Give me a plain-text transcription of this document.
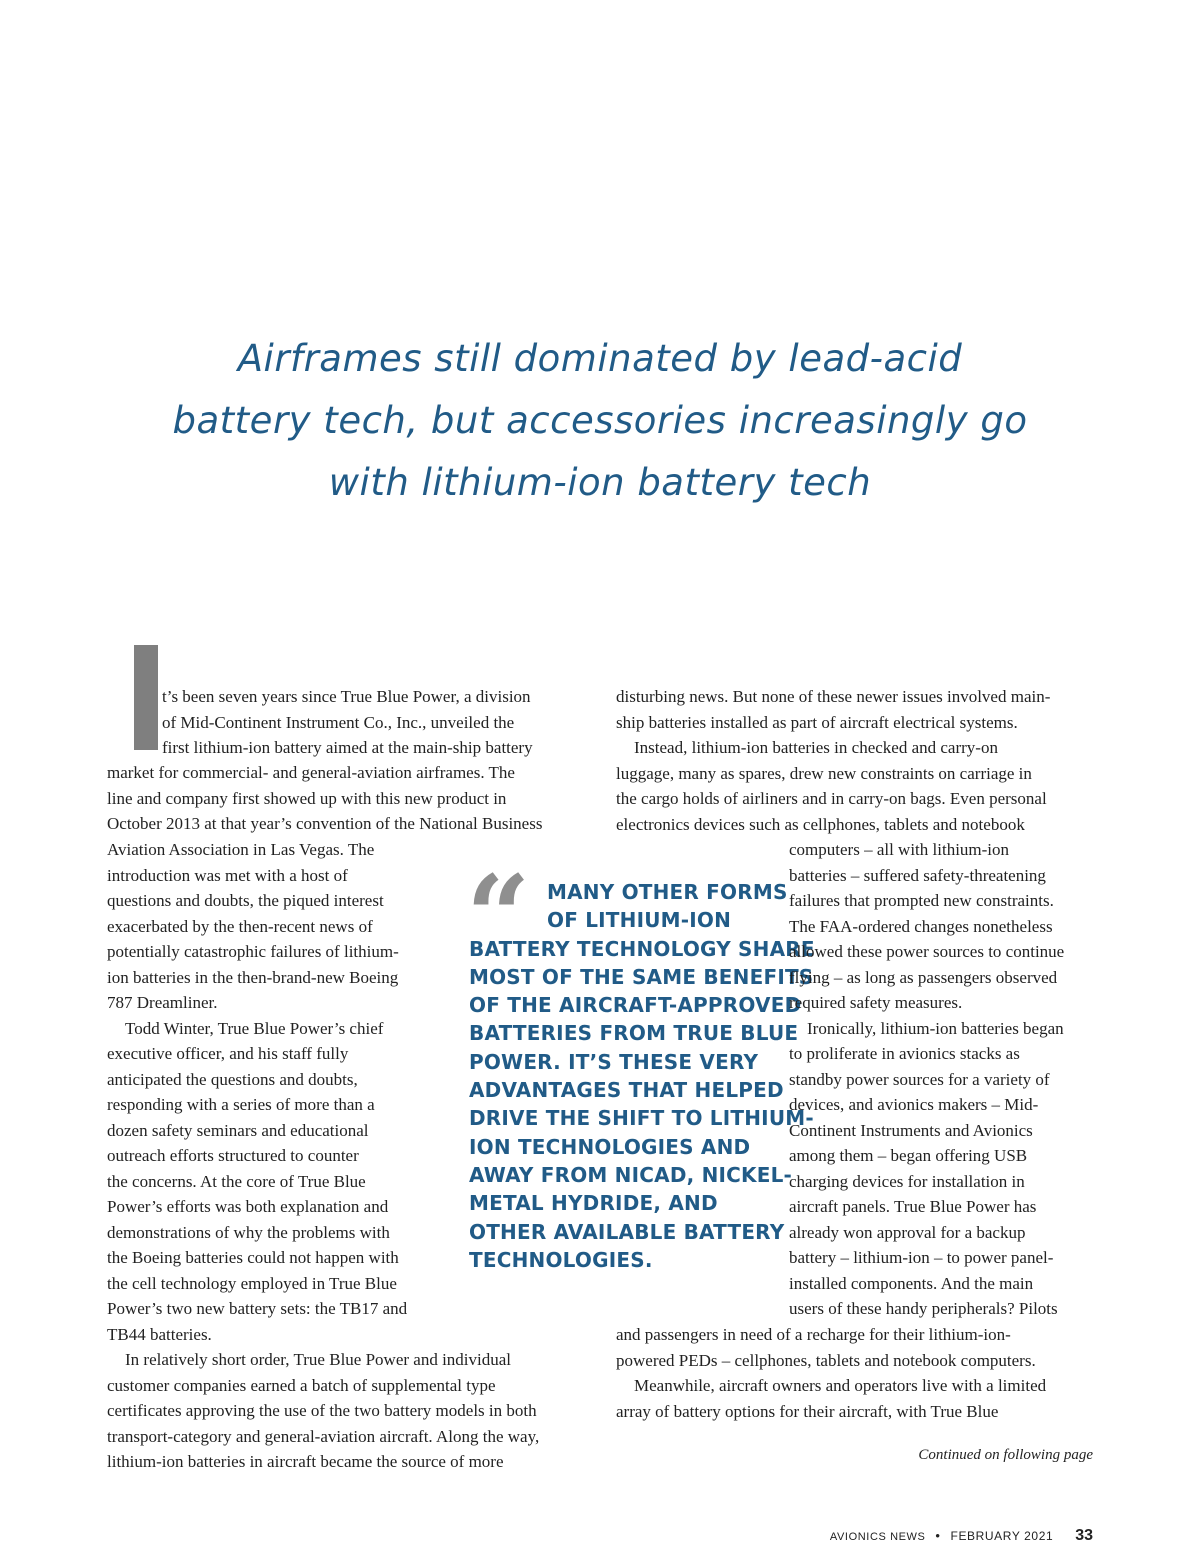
Airframes still dominated by lead-acid
battery tech, but accessories increasingly go
with lithium-ion battery tech

t’s been seven years since True Blue Power, a division

of Mid-Continent Instrument Co., Inc., unveiled the

first lithium-ion battery aimed at the main-ship battery

market for commercial- and general-aviation airframes. The

line and company first showed up with this new product in

October 2013 at that year’s convention of the National Business

Aviation Association in Las Vegas. The

introduction was met with a host of

questions and doubts, the piqued interest

exacerbated by the then-recent news of

potentially catastrophic failures of lithium-

ion batteries in the then-brand-new Boeing

787 Dreamliner.

Todd Winter, True Blue Power’s chief

executive officer, and his staff fully

anticipated the questions and doubts,

responding with a series of more than a

dozen safety seminars and educational

outreach efforts structured to counter

the concerns. At the core of True Blue

Power’s efforts was both explanation and

demonstrations of why the problems with

the Boeing batteries could not happen with

the cell technology employed in True Blue

Power’s two new battery sets: the TB17 and

TB44 batteries.

In relatively short order, True Blue Power and individual

customer companies earned a batch of supplemental type

certificates approving the use of the two battery models in both

transport-category and general-aviation aircraft. Along the way,

lithium-ion batteries in aircraft became the source of more

“ MANY OTHER FORMS
OF LITHIUM-ION
BATTERY TECHNOLOGY SHARE
MOST OF THE SAME BENEFITS
OF THE AIRCRAFT-APPROVED
BATTERIES FROM TRUE BLUE
POWER. IT’S THESE VERY
ADVANTAGES THAT HELPED
DRIVE THE SHIFT TO LITHIUM-
ION TECHNOLOGIES AND
AWAY FROM NICAD, NICKEL-
METAL HYDRIDE, AND
OTHER AVAILABLE BATTERY
TECHNOLOGIES.

disturbing news. But none of these newer issues involved main-

ship batteries installed as part of aircraft electrical systems.

Instead, lithium-ion batteries in checked and carry-on

luggage, many as spares, drew new constraints on carriage in

the cargo holds of airliners and in carry-on bags. Even personal

electronics devices such as cellphones, tablets and notebook

computers – all with lithium-ion

batteries – suffered safety-threatening

failures that prompted new constraints.

The FAA-ordered changes nonetheless

allowed these power sources to continue

flying – as long as passengers observed

required safety measures.

Ironically, lithium-ion batteries began

to proliferate in avionics stacks as

standby power sources for a variety of

devices, and avionics makers – Mid-

Continent Instruments and Avionics

among them – began offering USB

charging devices for installation in

aircraft panels. True Blue Power has

already won approval for a backup

battery – lithium-ion – to power panel-

installed components. And the main

users of these handy peripherals? Pilots

and passengers in need of a recharge for their lithium-ion-

powered PEDs – cellphones, tablets and notebook computers.

Meanwhile, aircraft owners and operators live with a limited

array of battery options for their aircraft, with True Blue

Continued on following page
AVIONICS NEWS • FEBRUARY 2021 33
